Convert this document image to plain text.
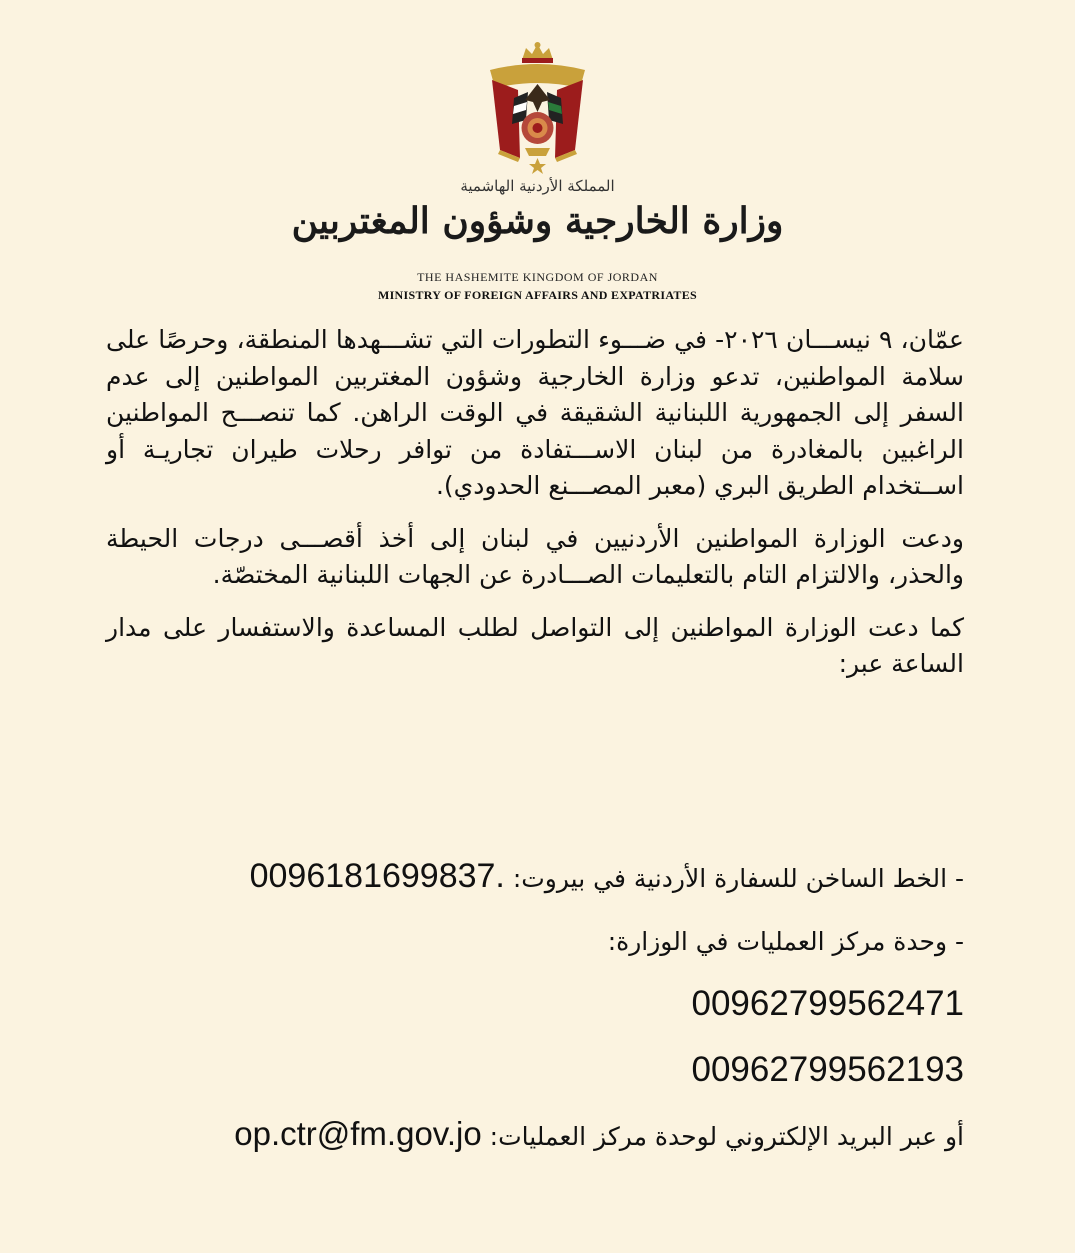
المملكة الأردنية الهاشمية
وزارة الخارجية وشؤون المغتربين
THE HASHEMITE KINGDOM OF JORDAN
MINISTRY OF FOREIGN AFFAIRS AND EXPATRIATES

عمّان، ٩ نيســـان ٢٠٢٦- في ضـــوء التطورات التي تشـــهدها المنطقة، وحرصًا على سلامة المواطنين، تدعو وزارة الخارجية وشؤون المغتربين المواطنين إلى عدم السفر إلى الجمهورية اللبنانية الشقيقة في الوقت الراهن. كما تنصـــح المواطنين الراغبين بالمغادرة من لبنان الاســـتفادة من توافر رحلات طيران تجاريـة أو اســتخدام الطريق البري (معبر المصـــنع الحدودي).

ودعت الوزارة المواطنين الأردنيين في لبنان إلى أخذ أقصـــى درجات الحيطة والحذر، والالتزام التام بالتعليمات الصـــادرة عن الجهات اللبنانية المختصّة.

كما دعت الوزارة المواطنين إلى التواصل لطلب المساعدة والاستفسار على مدار الساعة عبر:

- الخط الساخن للسفارة الأردنية في بيروت: 0096181699837.
- وحدة مركز العمليات في الوزارة:
00962799562471
00962799562193
أو عبر البريد الإلكتروني لوحدة مركز العمليات: op.ctr@fm.gov.jo
